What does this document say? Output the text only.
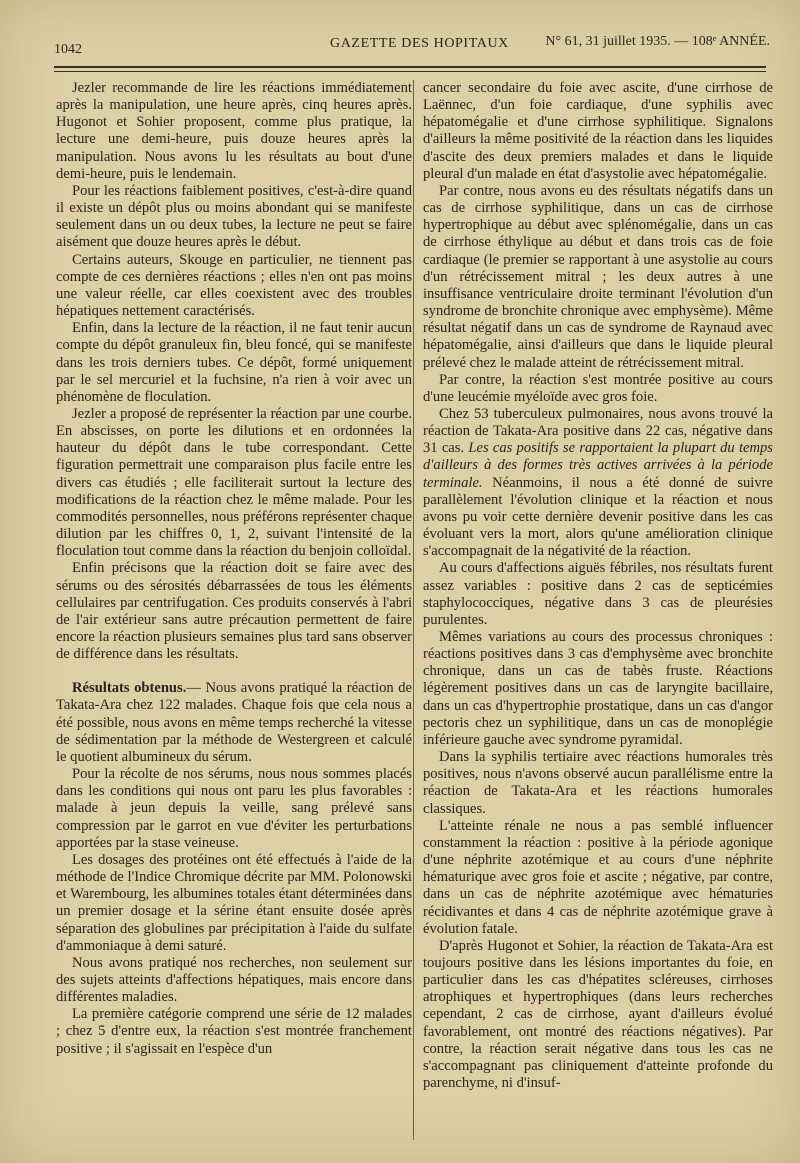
1042	GAZETTE DES HOPITAUX	N° 61, 31 juillet 1935. — 108ᵉ ANNÉE.

Jezler recommande de lire les réactions immédiatement après la manipulation, une heure après, cinq heures après. Hugonot et Sohier proposent, comme plus pratique, la lecture une demi-heure, puis douze heures après la manipulation. Nous avons lu les résultats au bout d'une demi-heure, puis le lendemain.

Pour les réactions faiblement positives, c'est-à-dire quand il existe un dépôt plus ou moins abondant qui se manifeste seulement dans un ou deux tubes, la lecture ne peut se faire aisément que douze heures après le début.

Certains auteurs, Skouge en particulier, ne tiennent pas compte de ces dernières réactions ; elles n'en ont pas moins une valeur réelle, car elles coexistent avec des troubles hépatiques nettement caractérisés.

Enfin, dans la lecture de la réaction, il ne faut tenir aucun compte du dépôt granuleux fin, bleu foncé, qui se manifeste dans les trois derniers tubes. Ce dépôt, formé uniquement par le sel mercuriel et la fuchsine, n'a rien à voir avec un phénomène de floculation.

Jezler a proposé de représenter la réaction par une courbe. En abscisses, on porte les dilutions et en ordonnées la hauteur du dépôt dans le tube correspondant. Cette figuration permettrait une comparaison plus facile entre les divers cas étudiés ; elle faciliterait surtout la lecture des modifications de la réaction chez le même malade. Pour les commodités personnelles, nous préférons représenter chaque dilution par les chiffres 0, 1, 2, suivant l'intensité de la floculation tout comme dans la réaction du benjoin colloïdal.

Enfin précisons que la réaction doit se faire avec des sérums ou des sérosités débarrassées de tous les éléments cellulaires par centrifugation. Ces produits conservés à l'abri de l'air extérieur sans autre précaution permettent de faire encore la réaction plusieurs semaines plus tard sans observer de différence dans les résultats.

Résultats obtenus.— Nous avons pratiqué la réaction de Takata-Ara chez 122 malades. Chaque fois que cela nous a été possible, nous avons en même temps recherché la vitesse de sédimentation par la méthode de Westergreen et calculé le quotient albumineux du sérum.

Pour la récolte de nos sérums, nous nous sommes placés dans les conditions qui nous ont paru les plus favorables : malade à jeun depuis la veille, sang prélevé sans compression par le garrot en vue d'éviter les perturbations apportées par la stase veineuse.

Les dosages des protéines ont été effectués à l'aide de la méthode de l'Indice Chromique décrite par MM. Polonowski et Warembourg, les albumines totales étant déterminées dans un premier dosage et la sérine étant ensuite dosée après séparation des globulines par précipitation à l'aide du sulfate d'ammoniaque à demi saturé.

Nous avons pratiqué nos recherches, non seulement sur des sujets atteints d'affections hépatiques, mais encore dans différentes maladies.

La première catégorie comprend une série de 12 malades ; chez 5 d'entre eux, la réaction s'est montrée franchement positive ; il s'agissait en l'espèce d'un

cancer secondaire du foie avec ascite, d'une cirrhose de Laënnec, d'un foie cardiaque, d'une syphilis avec hépatomégalie et d'une cirrhose syphilitique. Signalons d'ailleurs la même positivité de la réaction dans les liquides d'ascite des deux premiers malades et dans le liquide pleural d'un malade en état d'asystolie avec hépatomégalie.

Par contre, nous avons eu des résultats négatifs dans un cas de cirrhose syphilitique, dans un cas de cirrhose hypertrophique au début avec splénomégalie, dans un cas de cirrhose éthylique au début et dans trois cas de foie cardiaque (le premier se rapportant à une asystolie au cours d'un rétrécissement mitral ; les deux autres à une insuffisance ventriculaire droite terminant l'évolution d'un syndrome de bronchite chronique avec emphysème). Même résultat négatif dans un cas de syndrome de Raynaud avec hépatomégalie, ainsi d'ailleurs que dans le liquide pleural prélevé chez le malade atteint de rétrécissement mitral.

Par contre, la réaction s'est montrée positive au cours d'une leucémie myéloïde avec gros foie.

Chez 53 tuberculeux pulmonaires, nous avons trouvé la réaction de Takata-Ara positive dans 22 cas, négative dans 31 cas. Les cas positifs se rapportaient la plupart du temps d'ailleurs à des formes très actives arrivées à la période terminale. Néanmoins, il nous a été donné de suivre parallèlement l'évolution clinique et la réaction et nous avons pu voir cette dernière devenir positive dans les cas évoluant vers la mort, alors qu'une amélioration clinique s'accompagnait de la négativité de la réaction.

Au cours d'affections aiguës fébriles, nos résultats furent assez variables : positive dans 2 cas de septicémies staphylococciques, négative dans 3 cas de pleurésies purulentes.

Mêmes variations au cours des processus chroniques : réactions positives dans 3 cas d'emphysème avec bronchite chronique, dans un cas de tabès fruste. Réactions légèrement positives dans un cas de laryngite bacillaire, dans un cas d'hypertrophie prostatique, dans un cas d'angor pectoris chez un syphilitique, dans un cas de monoplégie inférieure gauche avec syndrome pyramidal.

Dans la syphilis tertiaire avec réactions humorales très positives, nous n'avons observé aucun parallélisme entre la réaction de Takata-Ara et les réactions humorales classiques.

L'atteinte rénale ne nous a pas semblé influencer constamment la réaction : positive à la période agonique d'une néphrite azotémique et au cours d'une néphrite hématurique avec gros foie et ascite ; négative, par contre, dans un cas de néphrite azotémique avec hématuries récidivantes et dans 4 cas de néphrite azotémique grave à évolution fatale.

D'après Hugonot et Sohier, la réaction de Takata-Ara est toujours positive dans les lésions importantes du foie, en particulier dans les cas d'hépatites scléreuses, cirrhoses atrophiques et hypertrophiques (dans leurs recherches cependant, 2 cas de cirrhose, ayant d'ailleurs évolué favorablement, ont montré des réactions négatives). Par contre, la réaction serait négative dans tous les cas ne s'accompagnant pas cliniquement d'atteinte profonde du parenchyme, ni d'insuf-
